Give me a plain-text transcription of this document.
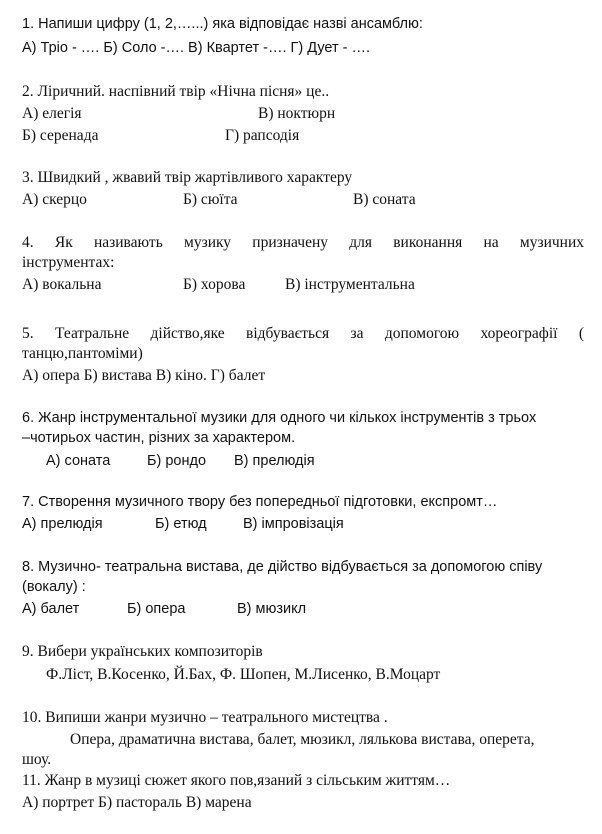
1. Напиши цифру (1, 2,…...) яка відповідає назві ансамблю:
А) Тріо - …. Б) Соло -…. В) Квартет -…. Г) Дует - ….
2. Ліричний. наспівний твір «Нічна пісня» це..
А) елегія	В) ноктюрн
Б) серенада	Г) рапсодія
3. Швидкий , жвавий твір жартівливого характеру
А) скерцо	Б) сюїта	В) соната
4. Як називають музику призначену для виконання на музичних
інструментах:
А) вокальна	Б) хорова	В) інструментальна
5. Театральне дійство,яке відбувається за допомогою хореографії (
танцю,пантоміми)
А) опера Б) вистава В) кіно. Г) балет
6. Жанр інструментальної музики для одного чи кількох інструментів з трьох
–чотирьох частин, різних за характером.
А) соната	Б) рондо В) прелюдія
7. Створення музичного твору без попередньої підготовки, експромт…
А) прелюдія	Б) етюд	В) імпровізація
8. Музично- театральна вистава, де дійство відбувається за допомогою співу
(вокалу) :
А) балет	Б) опера	В) мюзикл
9. Вибери українських композиторів
Ф.Ліст, В.Косенко, Й.Бах, Ф. Шопен, М.Лисенко, В.Моцарт
10. Випиши жанри музично – театрального мистецтва .
Опера, драматична вистава, балет, мюзикл, лялькова вистава, оперета,
шоу.
11. Жанр в музиці сюжет якого пов,язаний з сільським життям…
А) портрет Б) пастораль В) марена
